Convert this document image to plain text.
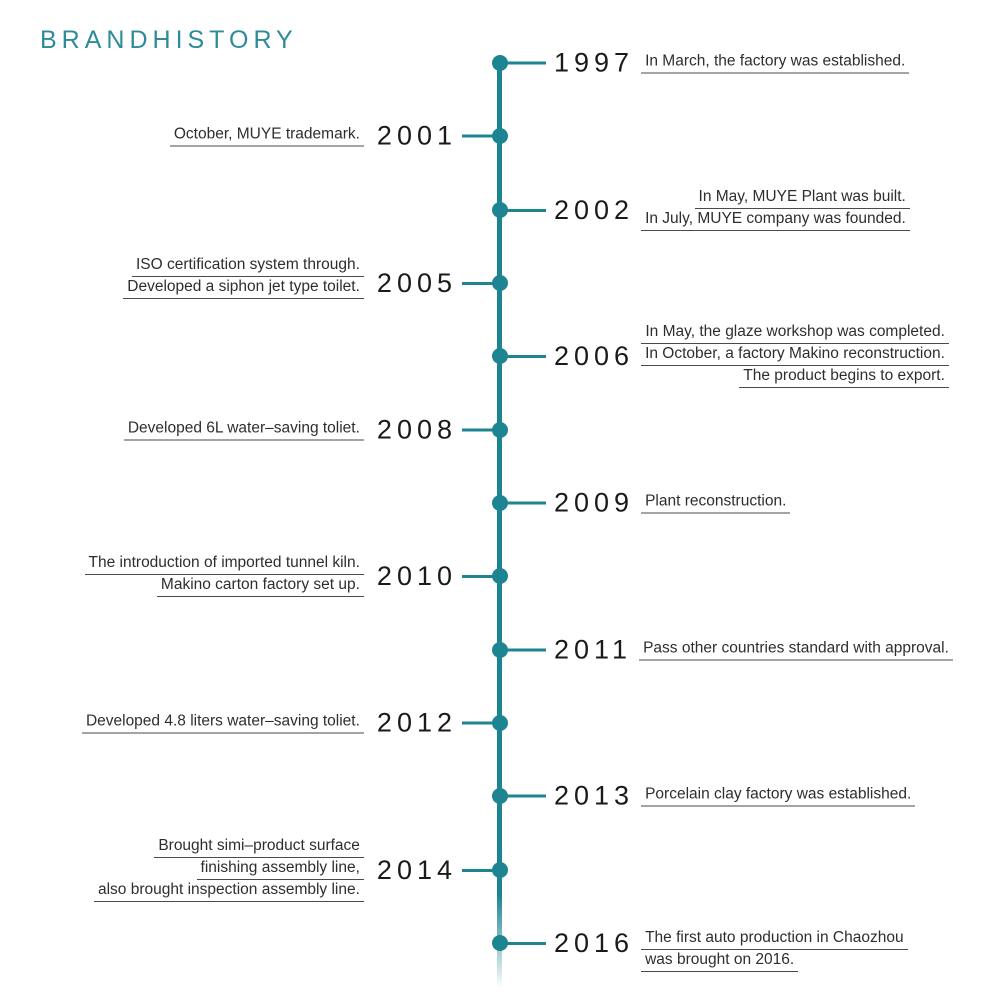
BRANDHISTORY
1997 In March, the factory was established.
October, MUYE trademark. 2001
2002	In May, MUYE Plant was built.
In July, MUYE company was founded.
ISO certification system through.
Developed a siphon jet type toilet. 2005
2006
In May, the glaze workshop was completed.
In October, a factory Makino reconstruction.
The product begins to export.
Developed 6L water–saving toliet. 2008
2009 Plant reconstruction.
The introduction of imported tunnel kiln.
Makino carton factory set up. 2010
2011 Pass other countries standard with approval.
Developed 4.8 liters water–saving toliet. 2012
2013 Porcelain clay factory was established.
Brought simi–product surface
finishing assembly line,
also brought inspection assembly line.
2014
2016 The first auto production in Chaozhou
was brought on 2016.
